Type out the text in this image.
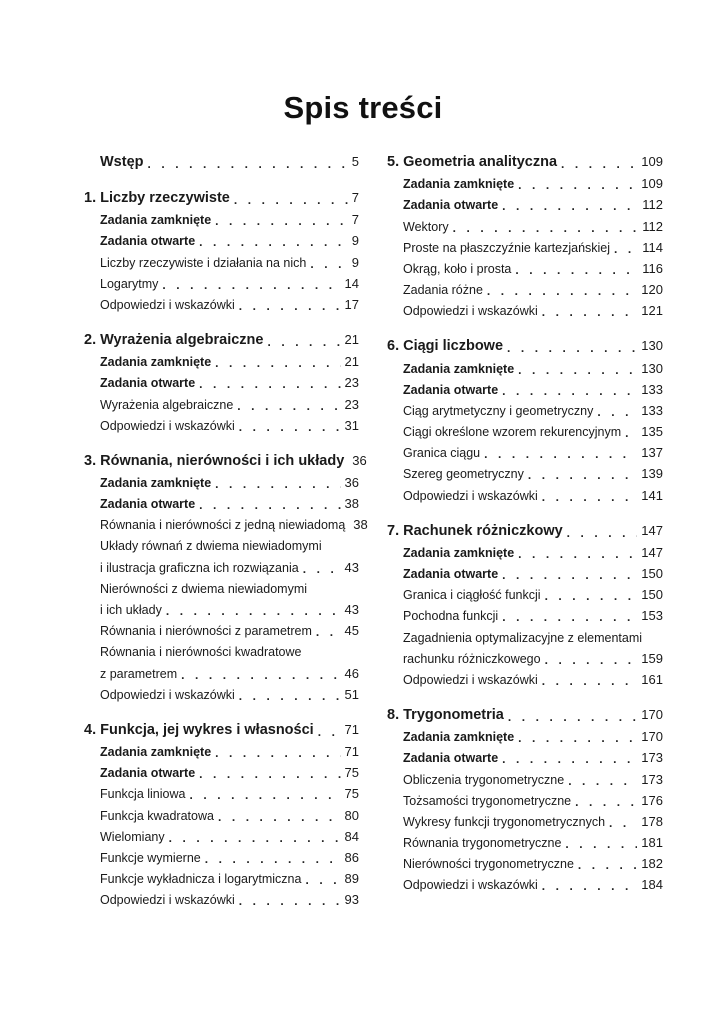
Spis treści
Wstęp . . .	5
1. Liczby rzeczywiste . . .	7
Zadania zamknięte . . .	7
Zadania otwarte . . .	9
Liczby rzeczywiste i działania na nich . . .	9
Logarytmy . . .	14
Odpowiedzi i wskazówki . . .	17
2. Wyrażenia algebraiczne . . .	21
Zadania zamknięte . . .	21
Zadania otwarte . . .	23
Wyrażenia algebraiczne . . .	23
Odpowiedzi i wskazówki . . .	31
3. Równania, nierówności i ich układy 36
Zadania zamknięte . . .	36
Zadania otwarte . . .	38
Równania i nierówności z jedną niewiadomą 38
Układy równań z dwiema niewiadomymi
i ilustracja graficzna ich rozwiązania . . .	43
Nierówności z dwiema niewiadomymi
i ich układy . . .	43
Równania i nierówności z parametrem . . .	45
Równania i nierówności kwadratowe
z parametrem . . .	46
Odpowiedzi i wskazówki . . .	51
4. Funkcja, jej wykres i własności . . . 71
Zadania zamknięte . . .	71
Zadania otwarte . . .	75
Funkcja liniowa . . .	75
Funkcja kwadratowa . . .	80
Wielomiany . . .	84
Funkcje wymierne . . .	86
Funkcje wykładnicza i logarytmiczna . . .	89
Odpowiedzi i wskazówki . . .	93
5. Geometria analityczna . . .	109
Zadania zamknięte . . .	109
Zadania otwarte . . .	112
Wektory . . .	112
Proste na płaszczyźnie kartezjańskiej . . . 114
Okrąg, koło i prosta . . .	116
Zadania różne . . .	120
Odpowiedzi i wskazówki . . .	121
6. Ciągi liczbowe . . .	130
Zadania zamknięte . . .	130
Zadania otwarte . . .	133
Ciąg arytmetyczny i geometryczny . . .	133
Ciągi określone wzorem rekurencyjnym . . . 135
Granica ciągu . . .	137
Szereg geometryczny . . .	139
Odpowiedzi i wskazówki . . .	141
7. Rachunek różniczkowy . . .	147
Zadania zamknięte . . .	147
Zadania otwarte . . .	150
Granica i ciągłość funkcji . . .	150
Pochodna funkcji . . .	153
Zagadnienia optymalizacyjne z elementami
rachunku różniczkowego . . .	159
Odpowiedzi i wskazówki . . .	161
8. Trygonometria . . .	170
Zadania zamknięte . . .	170
Zadania otwarte . . .	173
Obliczenia trygonometryczne . . .	173
Tożsamości trygonometryczne . . .	176
Wykresy funkcji trygonometrycznych . . .	178
Równania trygonometryczne . . .	181
Nierówności trygonometryczne . . .	182
Odpowiedzi i wskazówki . . .	184
